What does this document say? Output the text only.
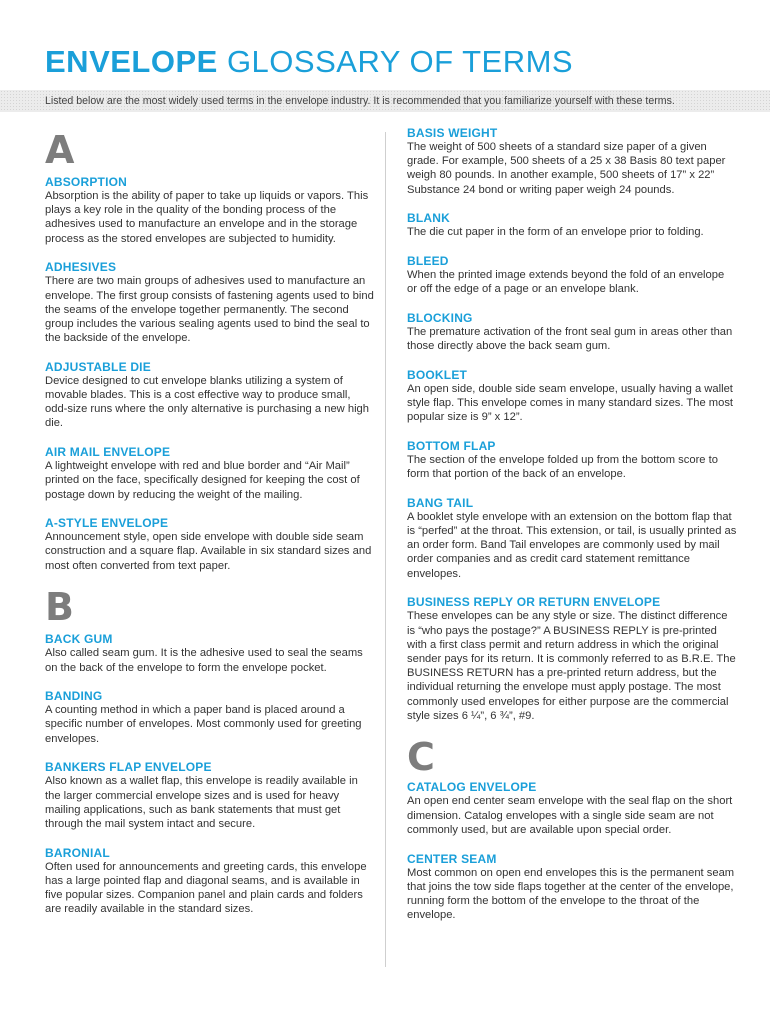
ENVELOPE GLOSSARY OF TERMS
Listed below are the most widely used terms in the envelope industry. It is recommended that you familiarize yourself with these terms.
A
ABSORPTION

Absorption is the ability of paper to take up liquids or vapors. This plays a key role in the quality of the bonding process of the adhesives used to manufacture an envelope and in the storage process as the stored envelopes are subjected to humidity.

ADHESIVES

There are two main groups of adhesives used to manufacture an envelope. The first group consists of fastening agents used to bind the seams of the envelope together permanently. The second group includes the various sealing agents used to bind the seal to the backside of the envelope.

ADJUSTABLE DIE

Device designed to cut envelope blanks utilizing a system of movable blades. This is a cost effective way to produce small, odd-size runs where the only alternative is purchasing a new high die.

AIR MAIL ENVELOPE

A lightweight envelope with red and blue border and “Air Mail” printed on the face, specifically designed for keeping the cost of postage down by reducing the weight of the mailing.

A-STYLE ENVELOPE

Announcement style, open side envelope with double side seam construction and a square flap. Available in six standard sizes and most often converted from text paper.

B
BACK GUM

Also called seam gum. It is the adhesive used to seal the seams on the back of the envelope to form the envelope pocket.

BANDING

A counting method in which a paper band is placed around a specific number of envelopes. Most commonly used for greeting envelopes.

BANKERS FLAP ENVELOPE

Also known as a wallet flap, this envelope is readily available in the larger commercial envelope sizes and is used for heavy mailing applications, such as bank statements that must get through the mail system intact and secure.

BARONIAL

Often used for announcements and greeting cards, this envelope has a large pointed flap and diagonal seams, and is available in five popular sizes. Companion panel and plain cards and folders are readily available in the standard sizes.

BASIS WEIGHT

The weight of 500 sheets of a standard size paper of a given grade. For example, 500 sheets of a 25 x 38 Basis 80 text paper weigh 80 pounds. In another example, 500 sheets of 17” x 22” Substance 24 bond or writing paper weigh 24 pounds.

BLANK

The die cut paper in the form of an envelope prior to folding.

BLEED

When the printed image extends beyond the fold of an envelope or off the edge of a page or an envelope blank.

BLOCKING

The premature activation of the front seal gum in areas other than those directly above the back seam gum.

BOOKLET

An open side, double side seam envelope, usually having a wallet style flap. This envelope comes in many standard sizes. The most popular size is 9” x 12”.

BOTTOM FLAP

The section of the envelope folded up from the bottom score to form that portion of the back of an envelope.

BANG TAIL

A booklet style envelope with an extension on the bottom flap that is “perfed” at the throat. This extension, or tail, is usually printed as an order form. Band Tail envelopes are commonly used by mail order companies and as credit card statement remittance envelopes.

BUSINESS REPLY OR RETURN ENVELOPE

These envelopes can be any style or size. The distinct difference is “who pays the postage?” A BUSINESS REPLY is pre-printed with a first class permit and return address in which the original sender pays for its return. It is commonly referred to as B.R.E. The BUSINESS RETURN has a pre-printed return address, but the individual returning the envelope must apply postage. The most commonly used envelopes for either purpose are the commercial style sizes 6 ¼”, 6 ¾”, #9.

C
CATALOG ENVELOPE

An open end center seam envelope with the seal flap on the short dimension. Catalog envelopes with a single side seam are not commonly used, but are available upon special order.

CENTER SEAM

Most common on open end envelopes this is the permanent seam that joins the tow side flaps together at the center of the envelope, running form the bottom of the envelope to the throat of the envelope.
